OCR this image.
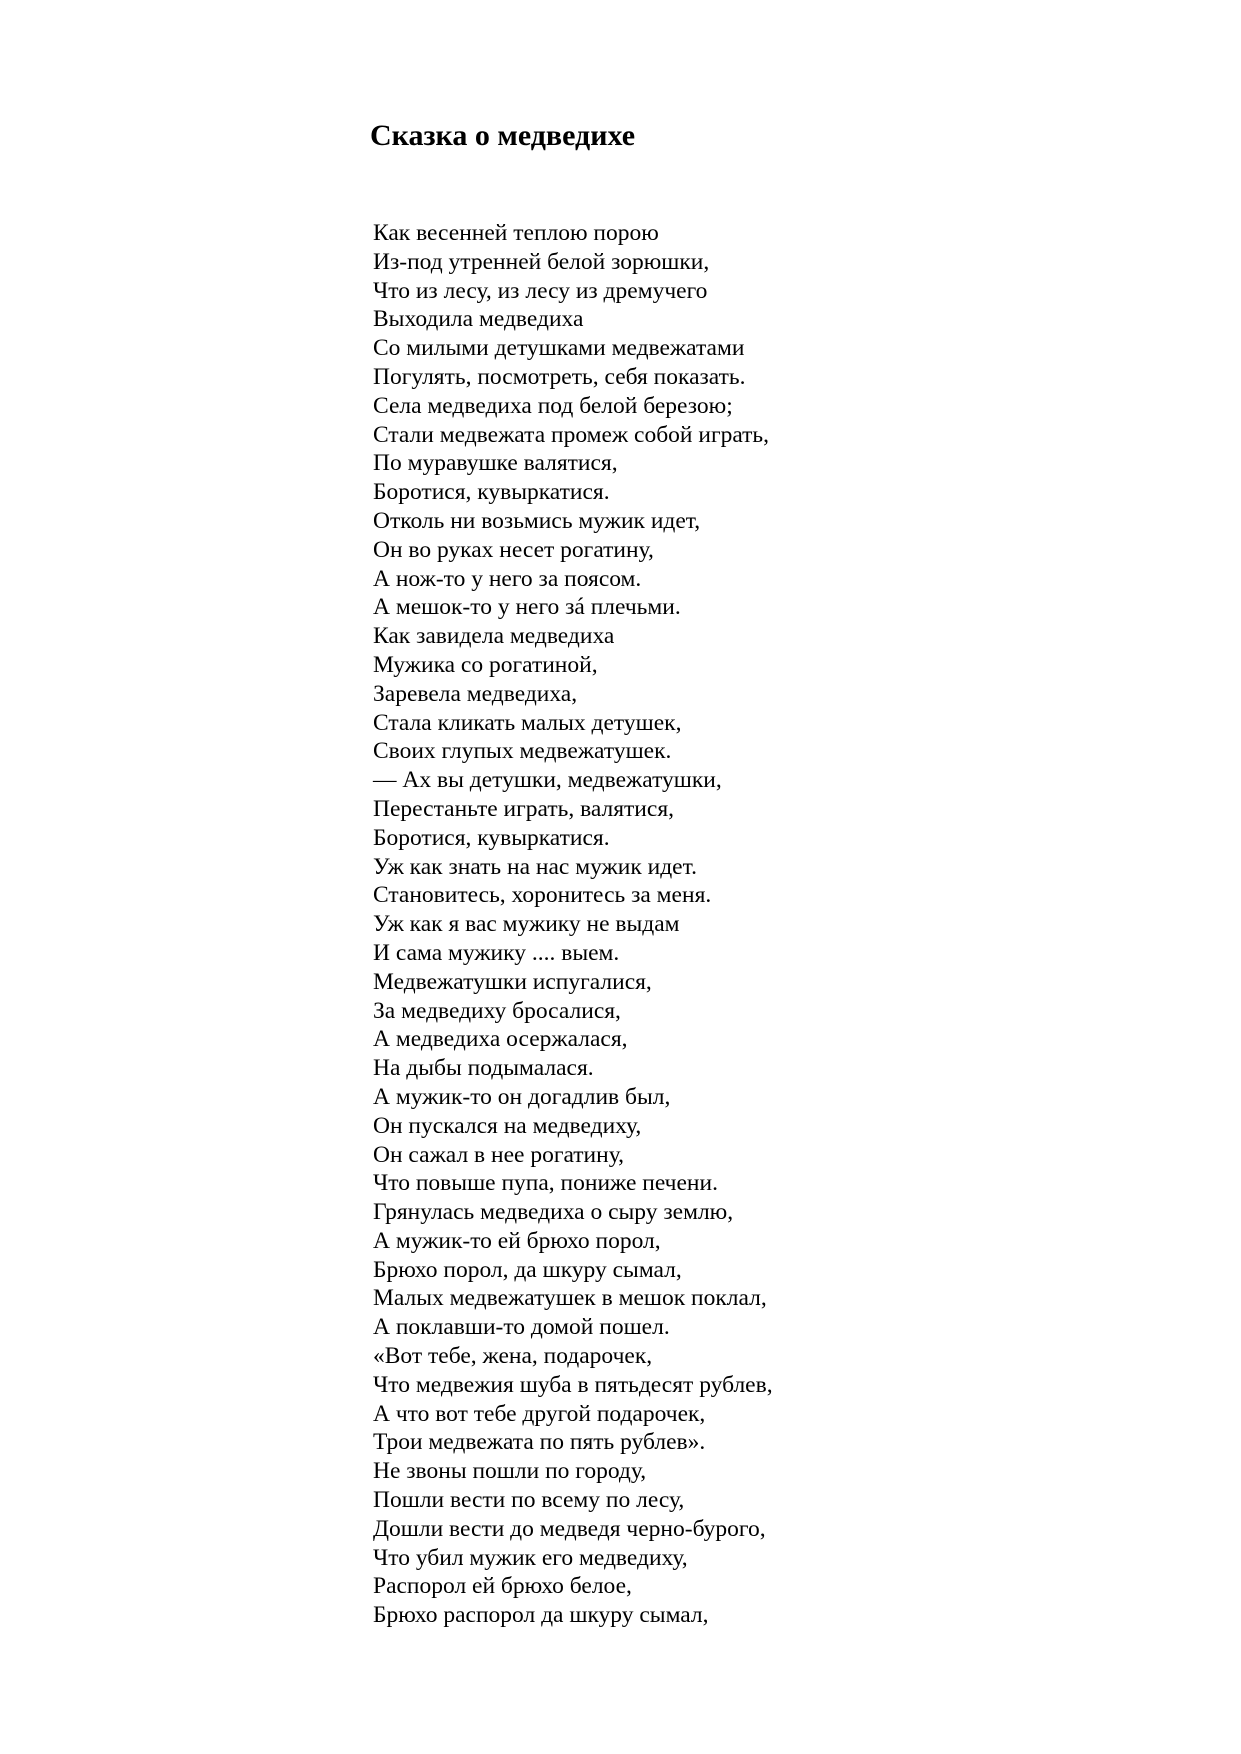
Сказка о медведихе
Как весенней теплою порою
Из-под утренней белой зорюшки,
Что из лесу, из лесу из дремучего
Выходила медведиха
Со милыми детушками медвежатами
Погулять, посмотреть, себя показать.
Села медведиха под белой березою;
Стали медвежата промеж собой играть,
По муравушке валятися,
Боротися, кувыркатися.
Отколь ни возьмись мужик идет,
Он во руках несет рогатину,
А нож-то у него за поясом.
А мешок-то у него зá плечьми.
Как завидела медведиха
Мужика со рогатиной,
Заревела медведиха,
Стала кликать малых детушек,
Своих глупых медвежатушек.
— Ах вы детушки, медвежатушки,
Перестаньте играть, валятися,
Боротися, кувыркатися.
Уж как знать на нас мужик идет.
Становитесь, хоронитесь за меня.
Уж как я вас мужику не выдам
И сама мужику .... выем.
Медвежатушки испугалися,
За медведиху бросалися,
А медведиха осержалася,
На дыбы подымалася.
А мужик-то он догадлив был,
Он пускался на медведиху,
Он сажал в нее рогатину,
Что повыше пупа, пониже печени.
Грянулась медведиха о сыру землю,
А мужик-то ей брюхо порол,
Брюхо порол, да шкуру сымал,
Малых медвежатушек в мешок поклал,
А поклавши-то домой пошел.
«Вот тебе, жена, подарочек,
Что медвежия шуба в пятьдесят рублев,
А что вот тебе другой подарочек,
Трои медвежата по пять рублев».
Не звоны пошли по городу,
Пошли вести по всему по лесу,
Дошли вести до медведя черно-бурого,
Что убил мужик его медведиху,
Распорол ей брюхо белое,
Брюхо распорол да шкуру сымал,
